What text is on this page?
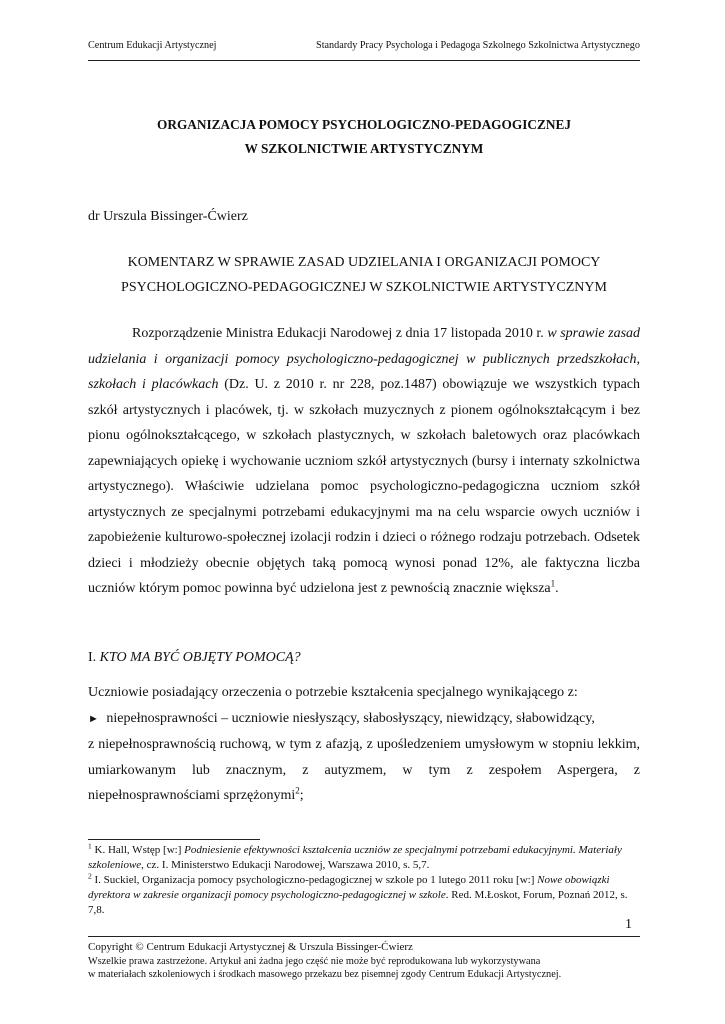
Centrum Edukacji Artystycznej	Standardy Pracy Psychologa i Pedagoga Szkolnego Szkolnictwa Artystycznego
ORGANIZACJA POMOCY PSYCHOLOGICZNO-PEDAGOGICZNEJ
W SZKOLNICTWIE ARTYSTYCZNYM
dr Urszula Bissinger-Ćwierz
KOMENTARZ W SPRAWIE ZASAD UDZIELANIA I ORGANIZACJI POMOCY
PSYCHOLOGICZNO-PEDAGOGICZNEJ W SZKOLNICTWIE ARTYSTYCZNYM
Rozporządzenie Ministra Edukacji Narodowej z dnia 17 listopada 2010 r. w sprawie zasad udzielania i organizacji pomocy psychologiczno-pedagogicznej w publicznych przedszkołach, szkołach i placówkach (Dz. U. z 2010 r. nr 228, poz.1487) obowiązuje we wszystkich typach szkół artystycznych i placówek, tj. w szkołach muzycznych z pionem ogólnokształcącym i bez pionu ogólnokształcącego, w szkołach plastycznych, w szkołach baletowych oraz placówkach zapewniających opiekę i wychowanie uczniom szkół artystycznych (bursy i internaty szkolnictwa artystycznego). Właściwie udzielana pomoc psychologiczno-pedagogiczna uczniom szkół artystycznych ze specjalnymi potrzebami edukacyjnymi ma na celu wsparcie owych uczniów i zapobieżenie kulturowo-społecznej izolacji rodzin i dzieci o różnego rodzaju potrzebach. Odsetek dzieci i młodzieży obecnie objętych taką pomocą wynosi ponad 12%, ale faktyczna liczba uczniów którym pomoc powinna być udzielona jest z pewnością znacznie większa$^1$.
I. KTO MA BYĆ OBJĘTY POMOCĄ?
Uczniowie posiadający orzeczenia o potrzebie kształcenia specjalnego wynikającego z:
► niepełnosprawności – uczniowie niesłyszący, słabosłyszący, niewidzący, słabowidzący,
z niepełnosprawnością ruchową, w tym z afazją, z upośledzeniem umysłowym w stopniu lekkim, umiarkowanym lub znacznym, z autyzmem, w tym z zespołem Aspergera, z niepełnosprawnościami sprzężonymi$^2$;

$^1$ K. Hall, Wstęp [w:] Podniesienie efektywności kształcenia uczniów ze specjalnymi potrzebami edukacyjnymi. Materiały szkoleniowe, cz. I. Ministerstwo Edukacji Narodowej, Warszawa 2010, s. 5,7.

$^2$ I. Suckiel, Organizacja pomocy psychologiczno-pedagogicznej w szkole po 1 lutego 2011 roku [w:] Nowe obowiązki dyrektora w zakresie organizacji pomocy psychologiczno-pedagogicznej w szkole. Red. M.Łoskot, Forum, Poznań 2012, s. 7,8.

1

Copyright © Centrum Edukacji Artystycznej & Urszula Bissinger-Ćwierz

Wszelkie prawa zastrzeżone. Artykuł ani żadna jego część nie może być reprodukowana lub wykorzystywana

w materiałach szkoleniowych i środkach masowego przekazu bez pisemnej zgody Centrum Edukacji Artystycznej.
